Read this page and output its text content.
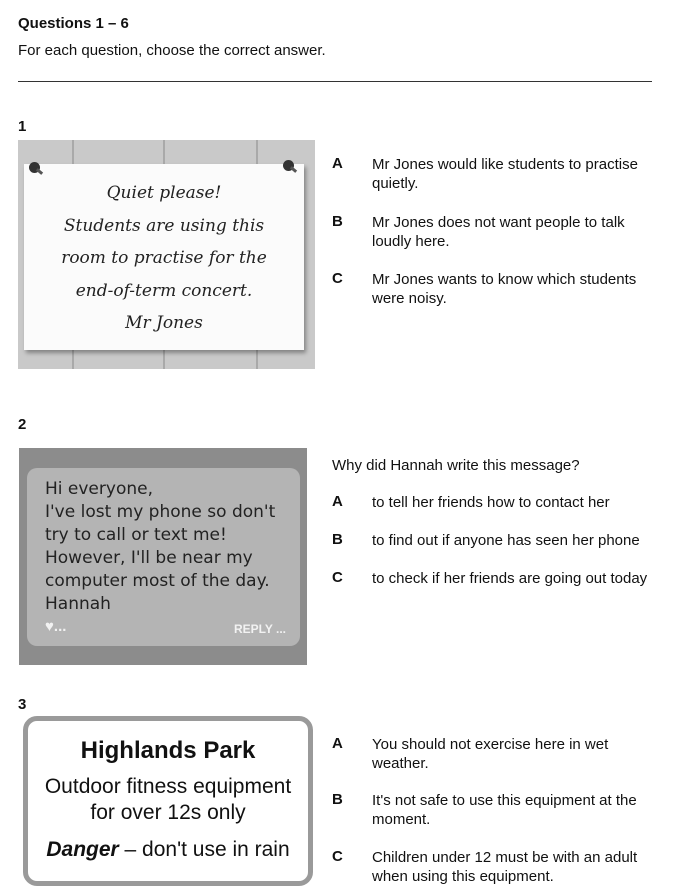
Questions 1 – 6
For each question, choose the correct answer.
1
Quiet please!
Students are using this
room to practise for the
end-of-term concert.
Mr Jones
A Mr Jones would like students to practise quietly.
B Mr Jones does not want people to talk loudly here.
C Mr Jones wants to know which students were noisy.
2
Hi everyone,
I've lost my phone so don't
try to call or text me!
However, I'll be near my
computer most of the day.
Hannah
♥...	REPLY ...
Why did Hannah write this message?
A to tell her friends how to contact her
B to find out if anyone has seen her phone
C to check if her friends are going out today
3
Highlands Park
Outdoor fitness equipment
for over 12s only
Danger – don't use in rain
A You should not exercise here in wet weather.
B It's not safe to use this equipment at the moment.
C Children under 12 must be with an adult when using this equipment.
